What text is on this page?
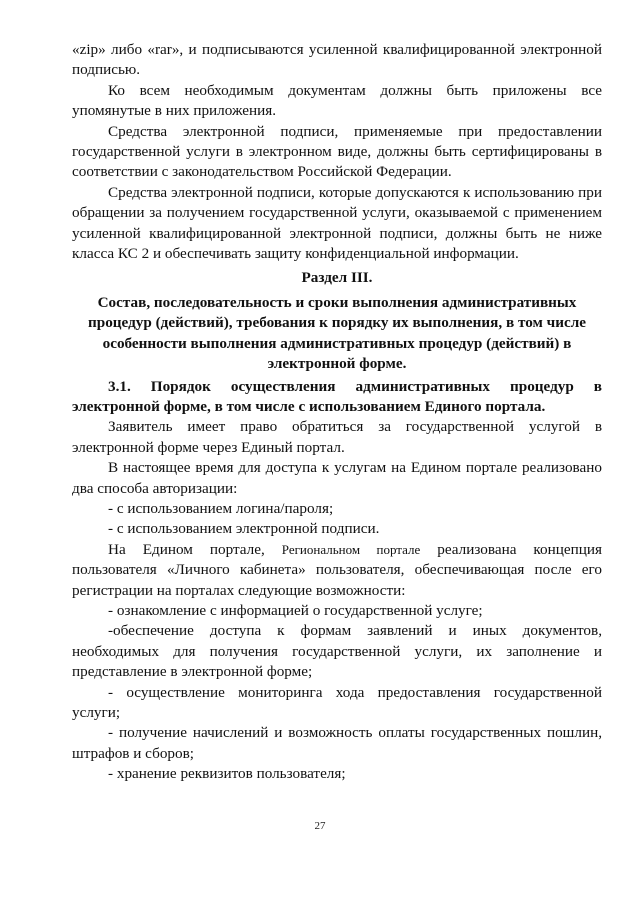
«zip» либо «rar», и подписываются усиленной квалифицированной электронной подписью.

Ко всем необходимым документам должны быть приложены все упомянутые в них приложения.

Средства электронной подписи, применяемые при предоставлении государственной услуги в электронном виде, должны быть сертифицированы в соответствии с законодательством Российской Федерации.

Средства электронной подписи, которые допускаются к использованию при обращении за получением государственной услуги, оказываемой с применением усиленной квалифицированной электронной подписи, должны быть не ниже класса КС 2 и обеспечивать защиту конфиденциальной информации.

Раздел III.

Состав, последовательность и сроки выполнения административных процедур (действий), требования к порядку их выполнения, в том числе особенности выполнения административных процедур (действий) в электронной форме.

3.1. Порядок осуществления административных процедур в электронной форме, в том числе с использованием Единого портала.

Заявитель имеет право обратиться за государственной услугой в электронной форме через Единый портал.

В настоящее время для доступа к услугам на Едином портале реализовано два способа авторизации:

- с использованием логина/пароля;

- с использованием электронной подписи.

На Едином портале, Региональном портале реализована концепция пользователя «Личного кабинета» пользователя, обеспечивающая после его регистрации на порталах следующие возможности:

- ознакомление с информацией о государственной услуге;

-обеспечение доступа к формам заявлений и иных документов, необходимых для получения государственной услуги, их заполнение и представление в электронной форме;

- осуществление мониторинга хода предоставления государственной услуги;

- получение начислений и возможность оплаты государственных пошлин, штрафов и сборов;

- хранение реквизитов пользователя;

27
